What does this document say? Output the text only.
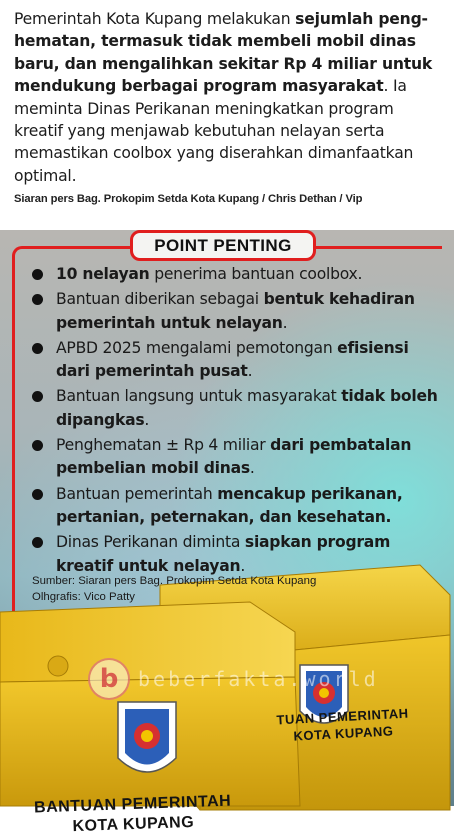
Pemerintah Kota Kupang melakukan sejumlah penghematan, termasuk tidak membeli mobil dinas baru, dan mengalihkan sekitar Rp 4 miliar untuk mendukung berbagai program masyarakat. Ia meminta Dinas Perikanan meningkatkan program kreatif yang menjawab kebutuhan nelayan serta memastikan coolbox yang diserahkan dimanfaatkan optimal.

Siaran pers Bag. Prokopim Setda Kota Kupang / Chris Dethan / Vip

TUAN PEMERINTAH
KOTA KUPANG
BANTUAN PEMERINTAH
KOTA KUPANG
b beberfakta.world
POINT PENTING
10 nelayan penerima bantuan coolbox.
Bantuan diberikan sebagai bentuk kehadiran pemerintah untuk nelayan.
APBD 2025 mengalami pemotongan efisiensi dari pemerintah pusat.
Bantuan langsung untuk masyarakat tidak boleh dipangkas.
Penghematan ± Rp 4 miliar dari pembatalan pembelian mobil dinas.
Bantuan pemerintah mencakup perikanan, pertanian, peternakan, dan kesehatan.
Dinas Perikanan diminta siapkan program kreatif untuk nelayan.
Sumber: Siaran pers Bag. Prokopim Setda Kota Kupang
Olhgrafis: Vico Patty
